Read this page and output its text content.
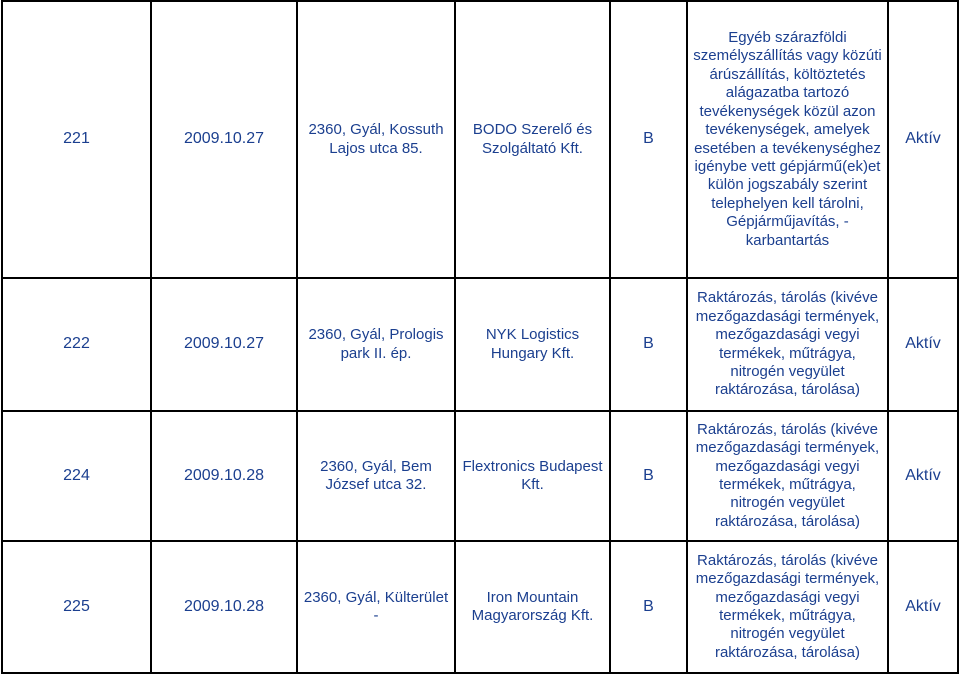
221	2009.10.27	2360, Gyál, Kossuth Lajos utca 85.	BODO Szerelő és Szolgáltató Kft.	B	Egyéb szárazföldi személyszállítás vagy közúti árúszállítás, költöztetés alágazatba tartozó tevékenységek közül azon tevékenységek, amelyek esetében a tevékenységhez igénybe vett gépjármű(ek)et külön jogszabály szerint telephelyen kell tárolni, Gépjárműjavítás, -karbantartás	Aktív
222	2009.10.27	2360, Gyál, Prologis park II. ép.	NYK Logistics Hungary Kft.	B	Raktározás, tárolás (kivéve mezőgazdasági termények, mezőgazdasági vegyi termékek, műtrágya, nitrogén vegyület raktározása, tárolása)	Aktív
224	2009.10.28	2360, Gyál, Bem József utca 32.	Flextronics Budapest Kft.	B	Raktározás, tárolás (kivéve mezőgazdasági termények, mezőgazdasági vegyi termékek, műtrágya, nitrogén vegyület raktározása, tárolása)	Aktív
225	2009.10.28	2360, Gyál, Külterület -	Iron Mountain Magyarország Kft.	B	Raktározás, tárolás (kivéve mezőgazdasági termények, mezőgazdasági vegyi termékek, műtrágya, nitrogén vegyület raktározása, tárolása)	Aktív
